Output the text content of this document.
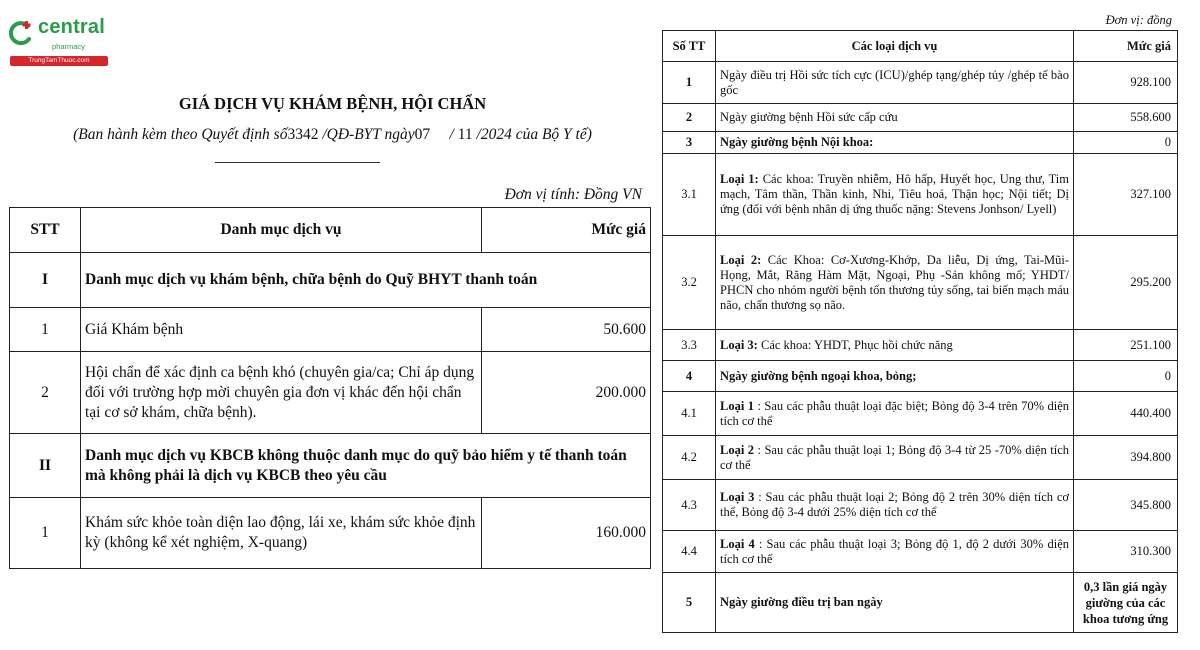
central
pharmacy
TrungTamThuoc.com
GIÁ DỊCH VỤ KHÁM BỆNH, HỘI CHẨN
(Ban hành kèm theo Quyết định số3342 /QĐ-BYT ngày07 / 11 /2024 của Bộ Y tế)
Đơn vị tính: Đồng VN
STT	Danh mục dịch vụ	Mức giá
I	Danh mục dịch vụ khám bệnh, chữa bệnh do Quỹ BHYT thanh toán	
1	Giá Khám bệnh	50.600
2	Hội chẩn để xác định ca bệnh khó (chuyên gia/ca; Chỉ áp dụng đối với trường hợp mời chuyên gia đơn vị khác đến hội chẩn tại cơ sở khám, chữa bệnh).	200.000
II	Danh mục dịch vụ KBCB không thuộc danh mục do quỹ bảo hiểm y tế thanh toán mà không phải là dịch vụ KBCB theo yêu cầu	
1	Khám sức khỏe toàn diện lao động, lái xe, khám sức khỏe định kỳ (không kể xét nghiệm, X-quang)	160.000
Đơn vị: đồng
Số TT	Các loại dịch vụ	Mức giá
1	Ngày điều trị Hồi sức tích cực (ICU)/ghép tạng/ghép tủy /ghép tế bào gốc	928.100
2	Ngày giường bệnh Hồi sức cấp cứu	558.600
3	Ngày giường bệnh Nội khoa:	0
3.1	Loại 1: Các khoa: Truyền nhiễm, Hô hấp, Huyết học, Ung thư, Tim mạch, Tâm thần, Thần kinh, Nhi, Tiêu hoá, Thận học; Nội tiết; Dị ứng (đối với bệnh nhân dị ứng thuốc nặng: Stevens Jonhson/ Lyell)	327.100
3.2	Loại 2: Các Khoa: Cơ-Xương-Khớp, Da liễu, Dị ứng, Tai-Mũi-Họng, Mắt, Răng Hàm Mặt, Ngoại, Phụ -Sản không mổ; YHDT/ PHCN cho nhóm người bệnh tổn thương tủy sống, tai biến mạch máu não, chấn thương sọ não.	295.200
3.3	Loại 3: Các khoa: YHDT, Phục hồi chức năng	251.100
4	Ngày giường bệnh ngoại khoa, bỏng;	0
4.1	Loại 1 : Sau các phẫu thuật loại đặc biệt; Bỏng độ 3-4 trên 70% diện tích cơ thể	440.400
4.2	Loại 2 : Sau các phẫu thuật loại 1; Bỏng độ 3-4 từ 25 -70% diện tích cơ thể	394.800
4.3	Loại 3 : Sau các phẫu thuật loại 2; Bỏng độ 2 trên 30% diện tích cơ thể, Bỏng độ 3-4 dưới 25% diện tích cơ thể	345.800
4.4	Loại 4 : Sau các phẫu thuật loại 3; Bỏng độ 1, độ 2 dưới 30% diện tích cơ thể	310.300
5	Ngày giường điều trị ban ngày	0,3 lần giá ngày giường của các khoa tương ứng
